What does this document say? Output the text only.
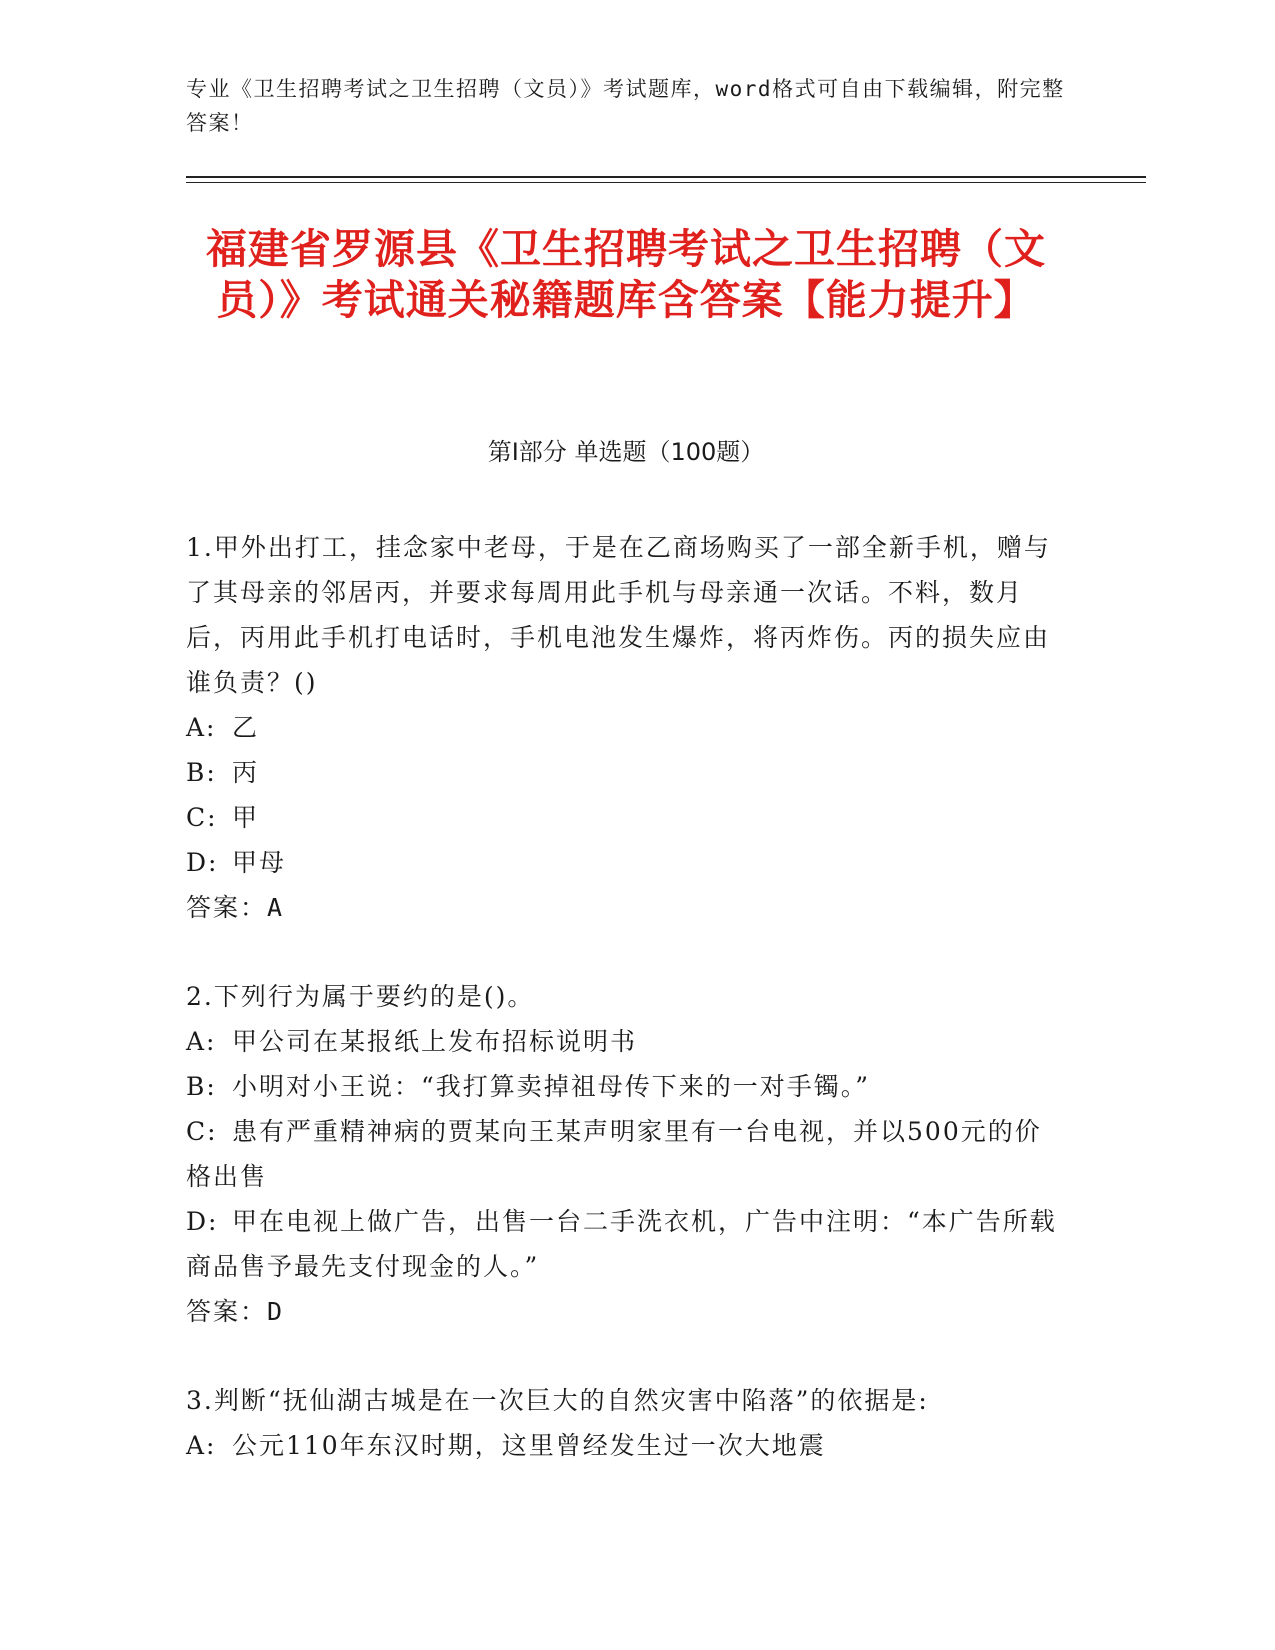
专业《卫生招聘考试之卫生招聘（文员）》考试题库，word格式可自由下载编辑，附完整答案！
福建省罗源县《卫生招聘考试之卫生招聘（文员）》考试通关秘籍题库含答案【能力提升】
第I部分 单选题（100题）

1.甲外出打工，挂念家中老母，于是在乙商场购买了一部全新手机，赠与了其母亲的邻居丙，并要求每周用此手机与母亲通一次话。不料，数月后，丙用此手机打电话时，手机电池发生爆炸，将丙炸伤。丙的损失应由谁负责？()

A: 乙

B: 丙

C: 甲

D: 甲母

答案：A

2.下列行为属于要约的是()。

A: 甲公司在某报纸上发布招标说明书

B: 小明对小王说：“我打算卖掉祖母传下来的一对手镯。”

C: 患有严重精神病的贾某向王某声明家里有一台电视，并以500元的价格出售

D: 甲在电视上做广告，出售一台二手洗衣机，广告中注明：“本广告所载商品售予最先支付现金的人。”

答案：D

3.判断“抚仙湖古城是在一次巨大的自然灾害中陷落”的依据是:

A: 公元110年东汉时期，这里曾经发生过一次大地震
